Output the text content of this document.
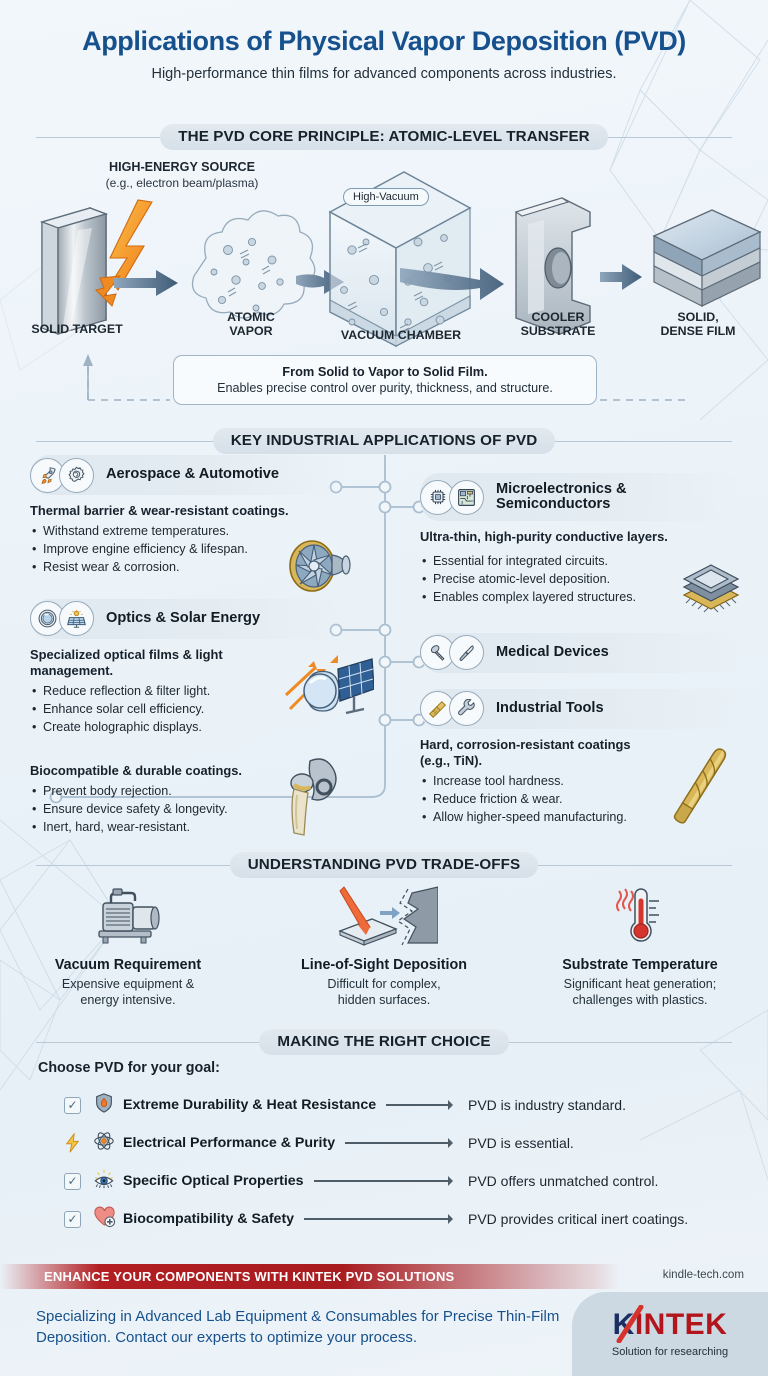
Applications of Physical Vapor Deposition (PVD)
High-performance thin films for advanced components across industries.
THE PVD CORE PRINCIPLE: ATOMIC-LEVEL TRANSFER
HIGH-ENERGY SOURCE
(e.g., electron beam/plasma)
High-Vacuum
SOLID TARGET
ATOMIC
VAPOR	VACUUM CHAMBER
COOLER
SUBSTRATE
SOLID,
DENSE FILM
From Solid to Vapor to Solid Film.
Enables precise control over purity, thickness, and structure.
KEY INDUSTRIAL APPLICATIONS OF PVD
Aerospace & Automotive
Thermal barrier & wear-resistant coatings.
• Withstand extreme temperatures.
• Improve engine efficiency & lifespan.
• Resist wear & corrosion.
Optics & Solar Energy
Specialized optical films & light management.
• Reduce reflection & filter light.
• Enhance solar cell efficiency.
• Create holographic displays.
Biocompatible & durable coatings.
• Prevent body rejection.
• Ensure device safety & longevity.
• Inert, hard, wear-resistant.
Microelectronics & Semiconductors
Ultra-thin, high-purity conductive layers.
• Essential for integrated circuits.
• Precise atomic-level deposition.
• Enables complex layered structures.
Medical Devices
Industrial Tools
Hard, corrosion-resistant coatings (e.g., TiN).
• Increase tool hardness.
• Reduce friction & wear.
• Allow higher-speed manufacturing.
UNDERSTANDING PVD TRADE-OFFS
Vacuum Requirement
Expensive equipment &
energy intensive.
Line-of-Sight Deposition
Difficult for complex,
hidden surfaces.
Substrate Temperature
Significant heat generation;
challenges with plastics.
MAKING THE RIGHT CHOICE
Choose PVD for your goal:
✓	Extreme Durability & Heat Resistance	PVD is industry standard.
Electrical Performance & Purity	PVD is essential.
✓	Specific Optical Properties	PVD offers unmatched control.
✓	Biocompatibility & Safety	PVD provides critical inert coatings.
ENHANCE YOUR COMPONENTS WITH KINTEK PVD SOLUTIONS	kindle-tech.com
Specializing in Advanced Lab Equipment & Consumables for Precise Thin-Film Deposition. Contact our experts to optimize your process.	KINTEK
Solution for researching
